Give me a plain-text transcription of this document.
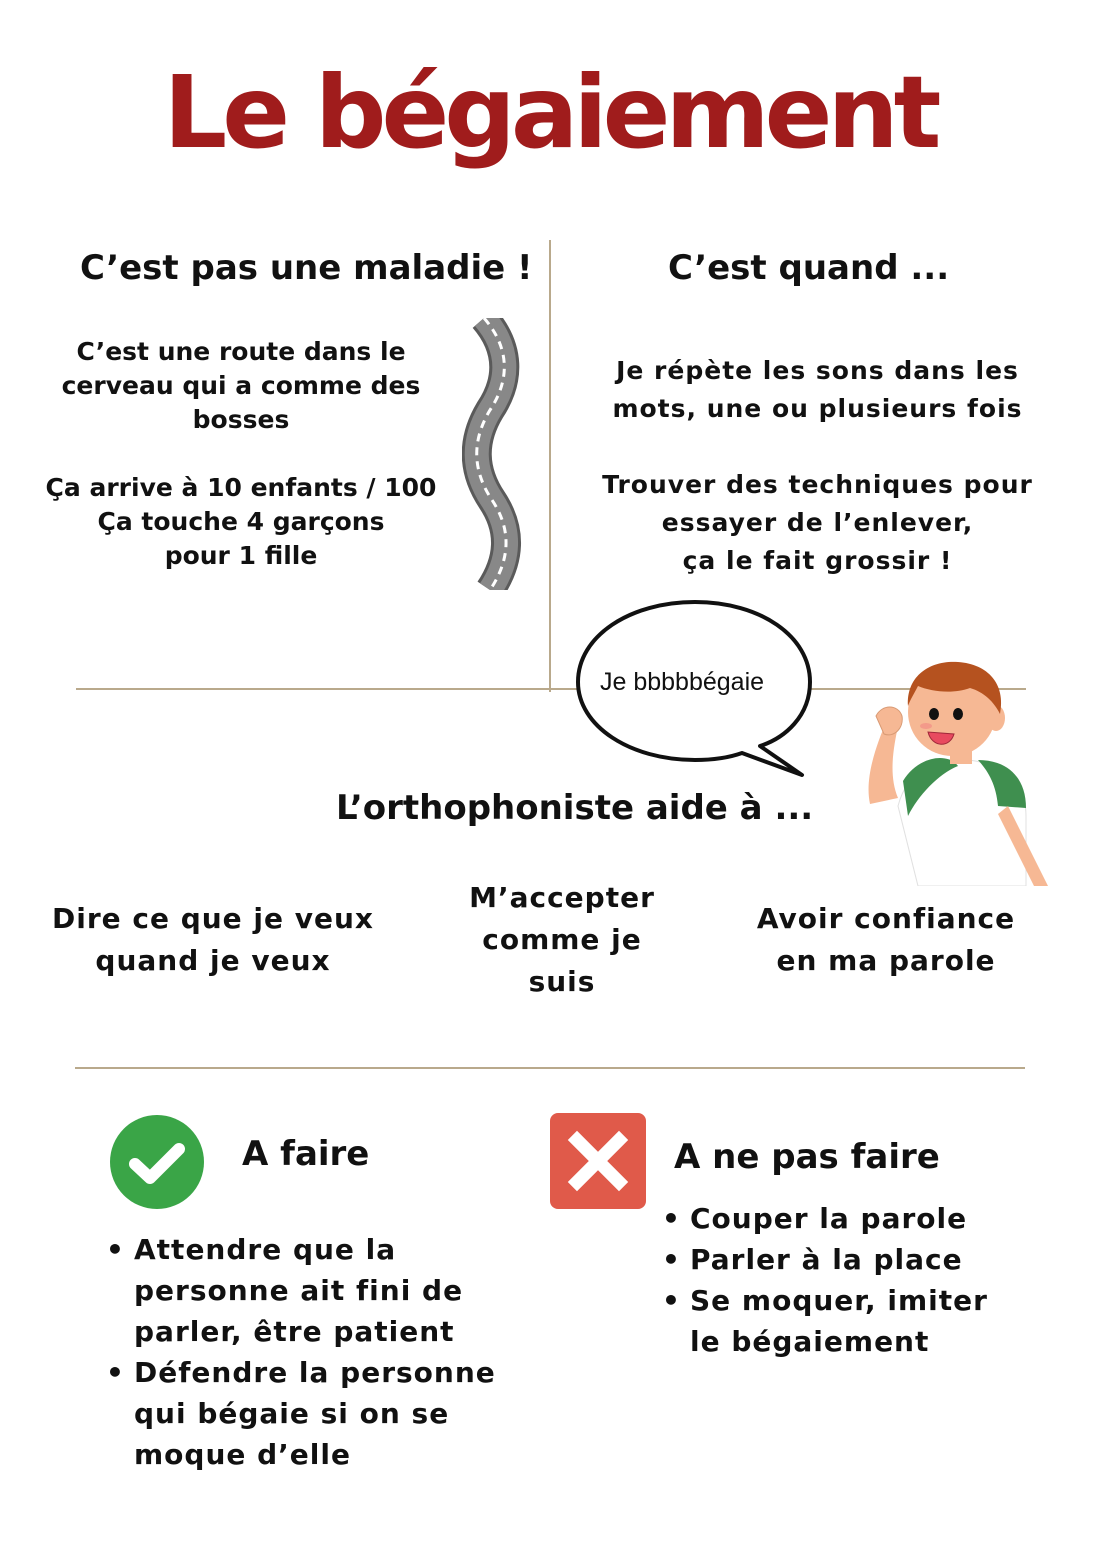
Le bégaiement
C’est pas une maladie !
C’est une route dans le
cerveau qui a comme des
bosses
Ça arrive à 10 enfants / 100
Ça touche 4 garçons
pour 1 fille
C’est quand ...
Je répète les sons dans les
mots, une ou plusieurs fois
Trouver des techniques pour
essayer de l’enlever,
ça le fait grossir !
Je bbbbbégaie
L’orthophoniste aide à ...
Dire ce que je veux
quand je veux
M’accepter
comme je
suis
Avoir confiance
en ma parole
A faire
• Attendre que la
personne ait fini de
parler, être patient
• Défendre la personne
qui bégaie si on se
moque d’elle
A ne pas faire
• Couper la parole
• Parler à la place
• Se moquer, imiter
le bégaiement
